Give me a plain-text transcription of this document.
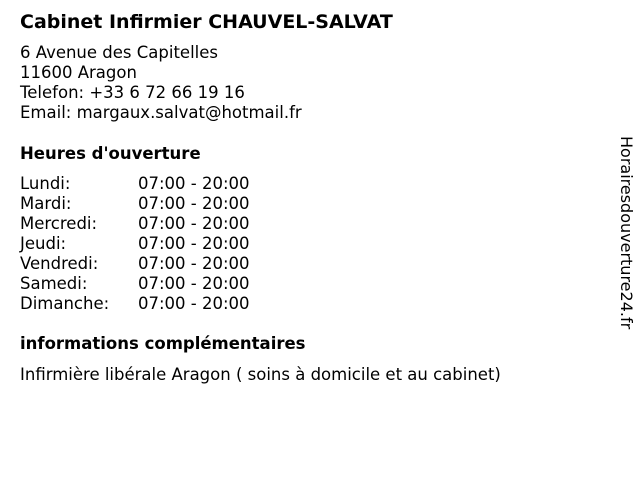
Cabinet Infirmier CHAUVEL-SALVAT
6 Avenue des Capitelles
11600 Aragon
Telefon: +33 6 72 66 19 16
Email: margaux.salvat@hotmail.fr
Heures d'ouverture
Lundi:	07:00 - 20:00
Mardi:	07:00 - 20:00
Mercredi:	07:00 - 20:00
Jeudi:	07:00 - 20:00
Vendredi:	07:00 - 20:00
Samedi:	07:00 - 20:00
Dimanche:	07:00 - 20:00
informations complémentaires
Infirmière libérale Aragon ( soins à domicile et au cabinet)
Horairesdouverture24.fr
